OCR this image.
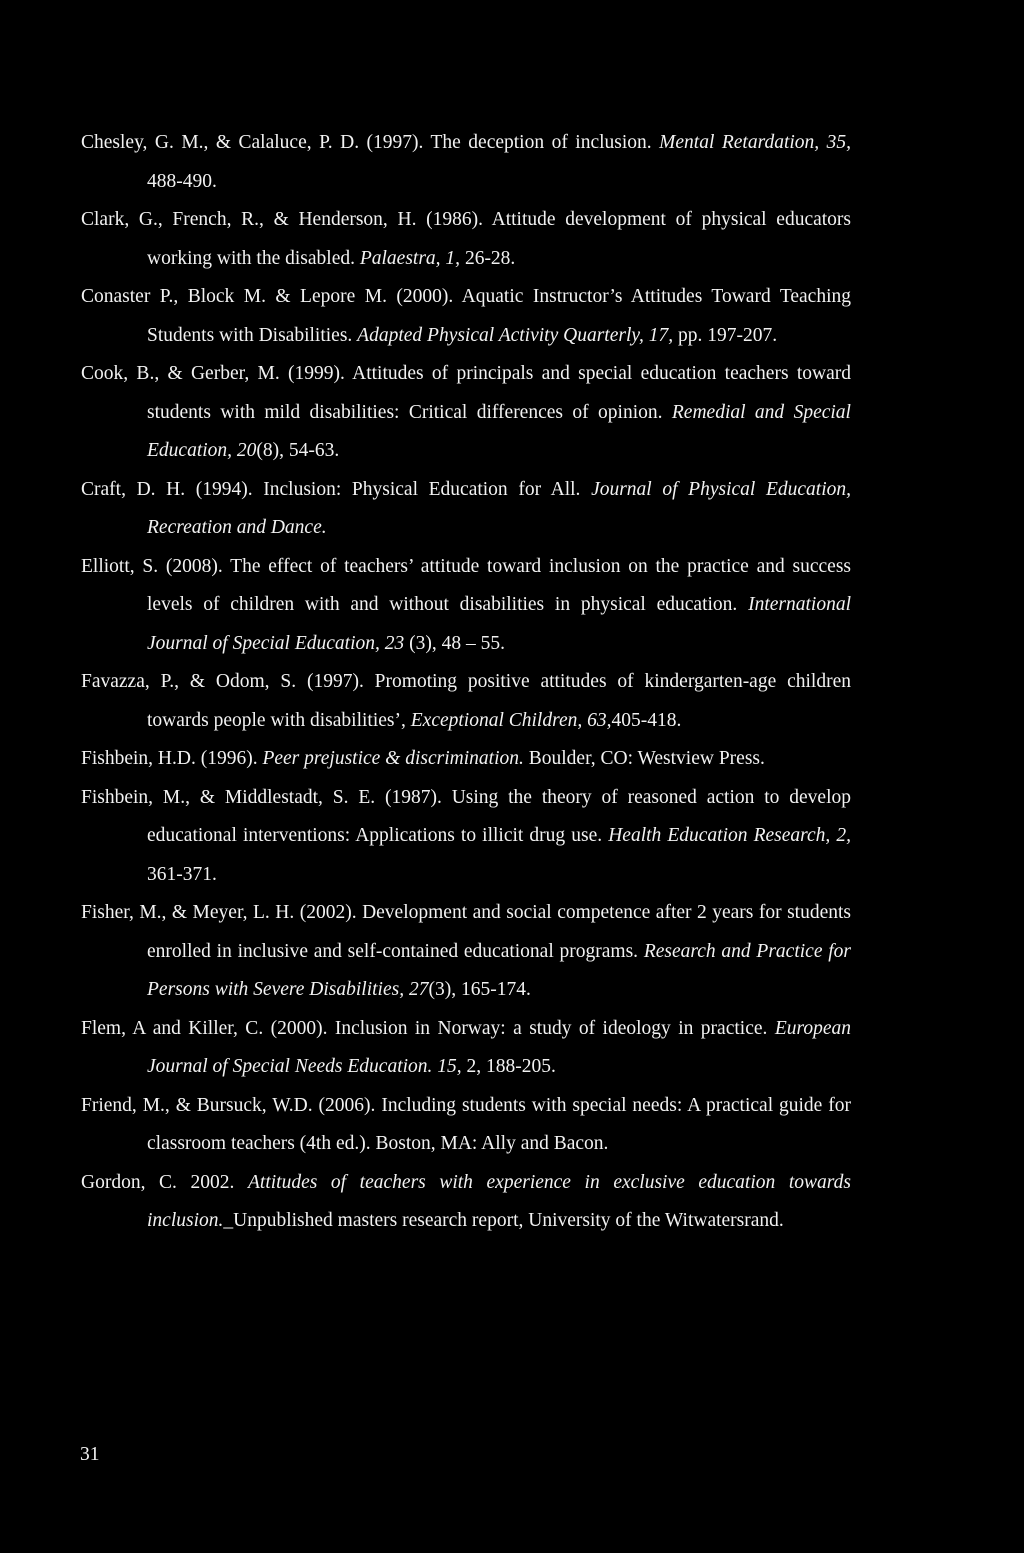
Chesley, G. M., & Calaluce, P. D. (1997). The deception of inclusion. Mental Retardation, 35, 488-490.

Clark, G., French, R., & Henderson, H. (1986). Attitude development of physical educators working with the disabled. Palaestra, 1, 26-28.

Conaster P., Block M. & Lepore M. (2000). Aquatic Instructor’s Attitudes Toward Teaching Students with Disabilities. Adapted Physical Activity Quarterly, 17, pp. 197-207.

Cook, B., & Gerber, M. (1999). Attitudes of principals and special education teachers toward students with mild disabilities: Critical differences of opinion. Remedial and Special Education, 20(8), 54-63.

Craft, D. H. (1994). Inclusion: Physical Education for All. Journal of Physical Education, Recreation and Dance.

Elliott, S. (2008). The effect of teachers’ attitude toward inclusion on the practice and success levels of children with and without disabilities in physical education. International Journal of Special Education, 23 (3), 48 – 55.

Favazza, P., & Odom, S. (1997). Promoting positive attitudes of kindergarten-age children towards people with disabilities’, Exceptional Children, 63,405-418.

Fishbein, H.D. (1996). Peer prejustice & discrimination. Boulder, CO: Westview Press.

Fishbein, M., & Middlestadt, S. E. (1987). Using the theory of reasoned action to develop educational interventions: Applications to illicit drug use. Health Education Research, 2, 361-371.

Fisher, M., & Meyer, L. H. (2002). Development and social competence after 2 years for students enrolled in inclusive and self-contained educational programs. Research and Practice for Persons with Severe Disabilities, 27(3), 165-174.

Flem, A and Killer, C. (2000). Inclusion in Norway: a study of ideology in practice. European Journal of Special Needs Education. 15, 2, 188-205.

Friend, M., & Bursuck, W.D. (2006). Including students with special needs: A practical guide for classroom teachers (4th ed.). Boston, MA: Ally and Bacon.

Gordon, C. 2002. Attitudes of teachers with experience in exclusive education towards inclusion._Unpublished masters research report, University of the Witwatersrand.

31
